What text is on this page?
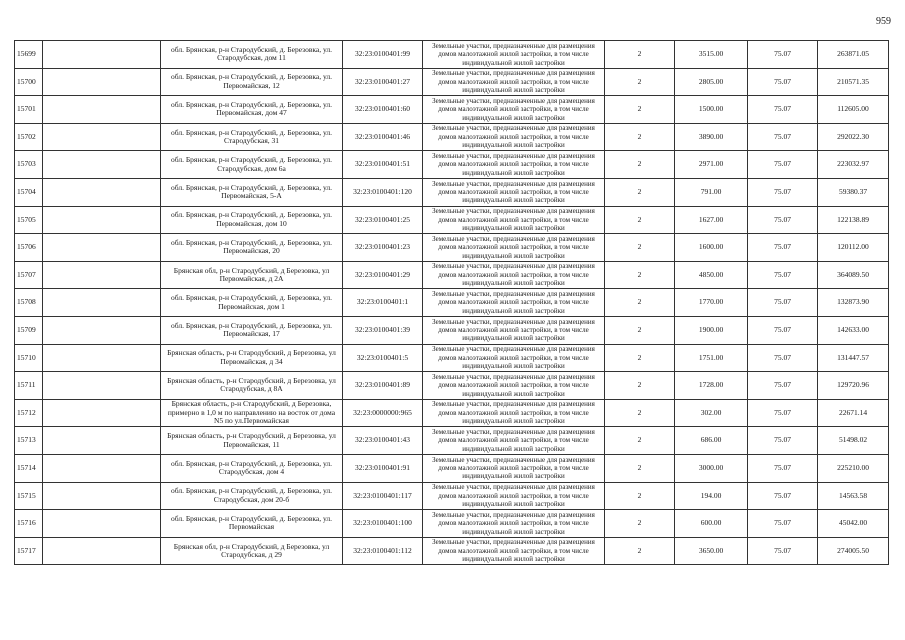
959
15699		обл. Брянская, р-н Стародубский, д. Березовка, ул. Стародубская, дом 11	32:23:0100401:99	Земельные участки, предназначенные для размещения домов малоэтажной жилой застройки, в том числе индивидуальной жилой застройки	2	3515.00	75.07	263871.05
15700		обл. Брянская, р-н Стародубский, д. Березовка, ул. Первомайская, 12	32:23:0100401:27	Земельные участки, предназначенные для размещения домов малоэтажной жилой застройки, в том числе индивидуальной жилой застройки	2	2805.00	75.07	210571.35
15701		обл. Брянская, р-н Стародубский, д. Березовка, ул. Первомайская, дом 47	32:23:0100401:60	Земельные участки, предназначенные для размещения домов малоэтажной жилой застройки, в том числе индивидуальной жилой застройки	2	1500.00	75.07	112605.00
15702		обл. Брянская, р-н Стародубский, д. Березовка, ул. Стародубская, 31	32:23:0100401:46	Земельные участки, предназначенные для размещения домов малоэтажной жилой застройки, в том числе индивидуальной жилой застройки	2	3890.00	75.07	292022.30
15703		обл. Брянская, р-н Стародубский, д. Березовка, ул. Стародубская, дом 6а	32:23:0100401:51	Земельные участки, предназначенные для размещения домов малоэтажной жилой застройки, в том числе индивидуальной жилой застройки	2	2971.00	75.07	223032.97
15704		обл. Брянская, р-н Стародубский, д. Березовка, ул. Первомайская, 5-А	32:23:0100401:120	Земельные участки, предназначенные для размещения домов малоэтажной жилой застройки, в том числе индивидуальной жилой застройки	2	791.00	75.07	59380.37
15705		обл. Брянская, р-н Стародубский, д. Березовка, ул. Первомайская, дом 10	32:23:0100401:25	Земельные участки, предназначенные для размещения домов малоэтажной жилой застройки, в том числе индивидуальной жилой застройки	2	1627.00	75.07	122138.89
15706		обл. Брянская, р-н Стародубский, д. Березовка, ул. Первомайская, 20	32:23:0100401:23	Земельные участки, предназначенные для размещения домов малоэтажной жилой застройки, в том числе индивидуальной жилой застройки	2	1600.00	75.07	120112.00
15707		Брянская обл, р-н Стародубский, д Березовка, ул Первомайская, д 2А	32:23:0100401:29	Земельные участки, предназначенные для размещения домов малоэтажной жилой застройки, в том числе индивидуальной жилой застройки	2	4850.00	75.07	364089.50
15708		обл. Брянская, р-н Стародубский, д. Березовка, ул. Первомайская, дом 1	32:23:0100401:1	Земельные участки, предназначенные для размещения домов малоэтажной жилой застройки, в том числе индивидуальной жилой застройки	2	1770.00	75.07	132873.90
15709		обл. Брянская, р-н Стародубский, д. Березовка, ул. Первомайская, 17	32:23:0100401:39	Земельные участки, предназначенные для размещения домов малоэтажной жилой застройки, в том числе индивидуальной жилой застройки	2	1900.00	75.07	142633.00
15710		Брянская область, р-н Стародубский, д Березовка, ул Первомайская, д 34	32:23:0100401:5	Земельные участки, предназначенные для размещения домов малоэтажной жилой застройки, в том числе индивидуальной жилой застройки	2	1751.00	75.07	131447.57
15711		Брянская область, р-н Стародубский, д Березовка, ул Стародубская, д 8А	32:23:0100401:89	Земельные участки, предназначенные для размещения домов малоэтажной жилой застройки, в том числе индивидуальной жилой застройки	2	1728.00	75.07	129720.96
15712		Брянская область, р-н Стародубский, д Березовка, примерно в 1,0 м по направлению на восток от дома N5 по ул.Первомайская	32:23:0000000:965	Земельные участки, предназначенные для размещения домов малоэтажной жилой застройки, в том числе индивидуальной жилой застройки	2	302.00	75.07	22671.14
15713		Брянская область, р-н Стародубский, д Березовка, ул Первомайская, 11	32:23:0100401:43	Земельные участки, предназначенные для размещения домов малоэтажной жилой застройки, в том числе индивидуальной жилой застройки	2	686.00	75.07	51498.02
15714		обл. Брянская, р-н Стародубский, д. Березовка, ул. Стародубская, дом 4	32:23:0100401:91	Земельные участки, предназначенные для размещения домов малоэтажной жилой застройки, в том числе индивидуальной жилой застройки	2	3000.00	75.07	225210.00
15715		обл. Брянская, р-н Стародубский, д. Березовка, ул. Стародубская, дом 20-б	32:23:0100401:117	Земельные участки, предназначенные для размещения домов малоэтажной жилой застройки, в том числе индивидуальной жилой застройки	2	194.00	75.07	14563.58
15716		обл. Брянская, р-н Стародубский, д. Березовка, ул. Первомайская	32:23:0100401:100	Земельные участки, предназначенные для размещения домов малоэтажной жилой застройки, в том числе индивидуальной жилой застройки	2	600.00	75.07	45042.00
15717		Брянская обл, р-н Стародубский, д Березовка, ул Стародубская, д 29	32:23:0100401:112	Земельные участки, предназначенные для размещения домов малоэтажной жилой застройки, в том числе индивидуальной жилой застройки	2	3650.00	75.07	274005.50
